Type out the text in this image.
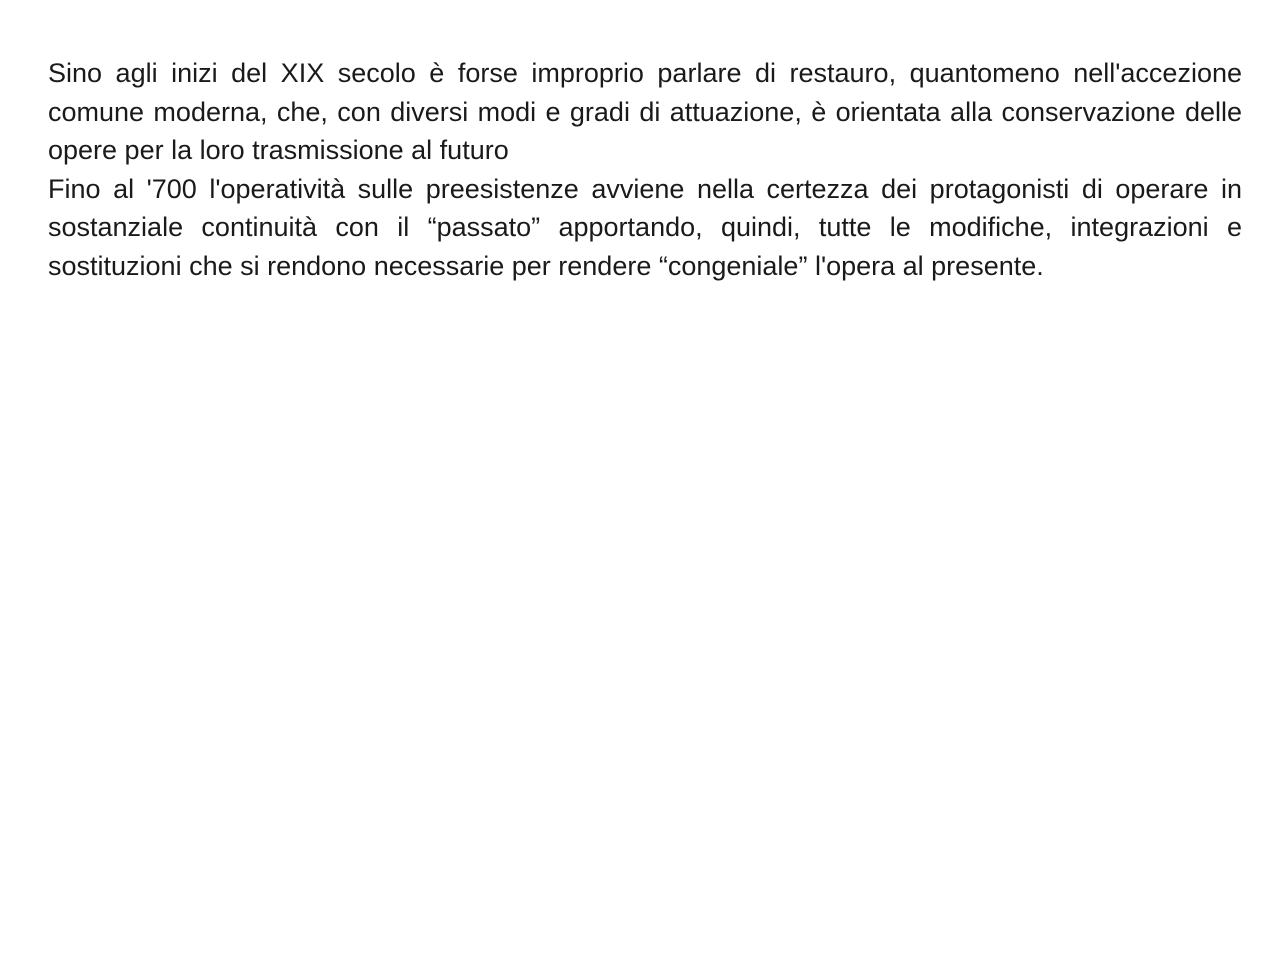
Sino agli inizi del XIX secolo è forse improprio parlare di restauro, quantomeno nell'accezione comune moderna, che, con diversi modi e gradi di attuazione, è orientata alla conservazione delle opere per la loro trasmissione al futuro

Fino al '700 l'operatività sulle preesistenze avviene nella certezza dei protagonisti di operare in sostanziale continuità con il “passato” apportando, quindi, tutte le modifiche, integrazioni e sostituzioni che si rendono necessarie per rendere “congeniale” l'opera al presente.
